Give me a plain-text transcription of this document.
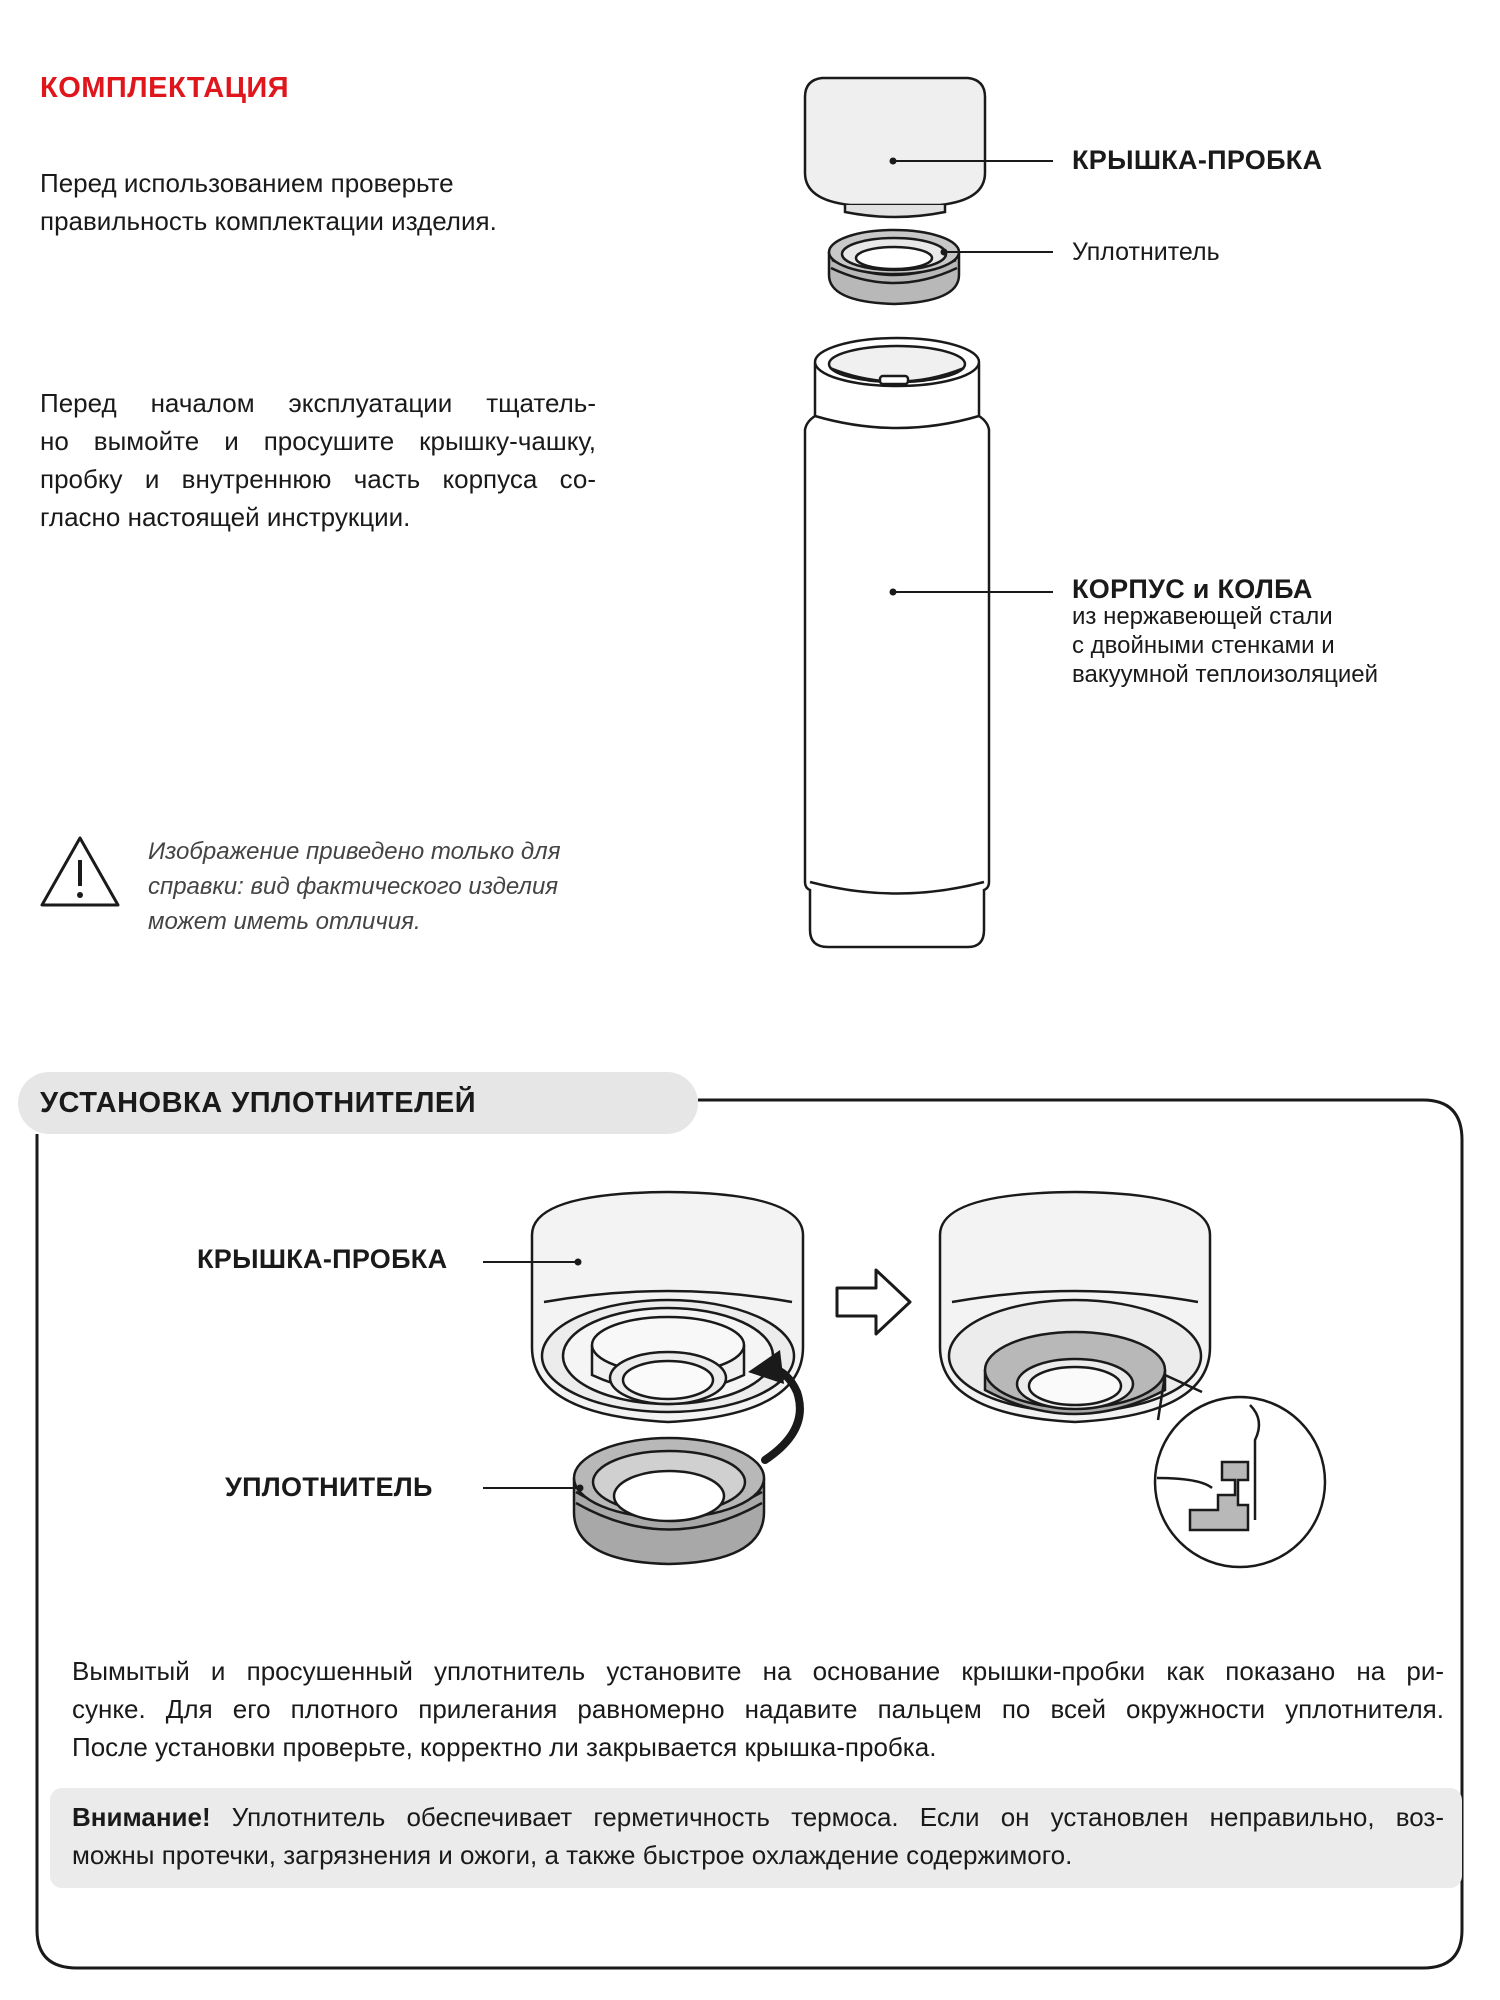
КОМПЛЕКТАЦИЯ
Перед использованием проверьте
правильность комплектации изделия.
Перед началом эксплуатации тщатель-
но вымойте и просушите крышку-чашку,
пробку и внутреннюю часть корпуса со-
гласно настоящей инструкции.
Изображение приведено только для
справки: вид фактического изделия
может иметь отличия.
КРЫШКА-ПРОБКА
Уплотнитель
КОРПУС и КОЛБА
из нержавеющей стали
с двойными стенками и
вакуумной теплоизоляцией
УСТАНОВКА УПЛОТНИТЕЛЕЙ
КРЫШКА-ПРОБКА
УПЛОТНИТЕЛЬ
Вымытый и просушенный уплотнитель установите на основание крышки-пробки как показано на ри-
сунке. Для его плотного прилегания равномерно надавите пальцем по всей окружности уплотнителя.
После установки проверьте, корректно ли закрывается крышка-пробка.
Внимание! Уплотнитель обеспечивает герметичность термоса. Если он установлен неправильно, воз-
можны протечки, загрязнения и ожоги, а также быстрое охлаждение содержимого.
